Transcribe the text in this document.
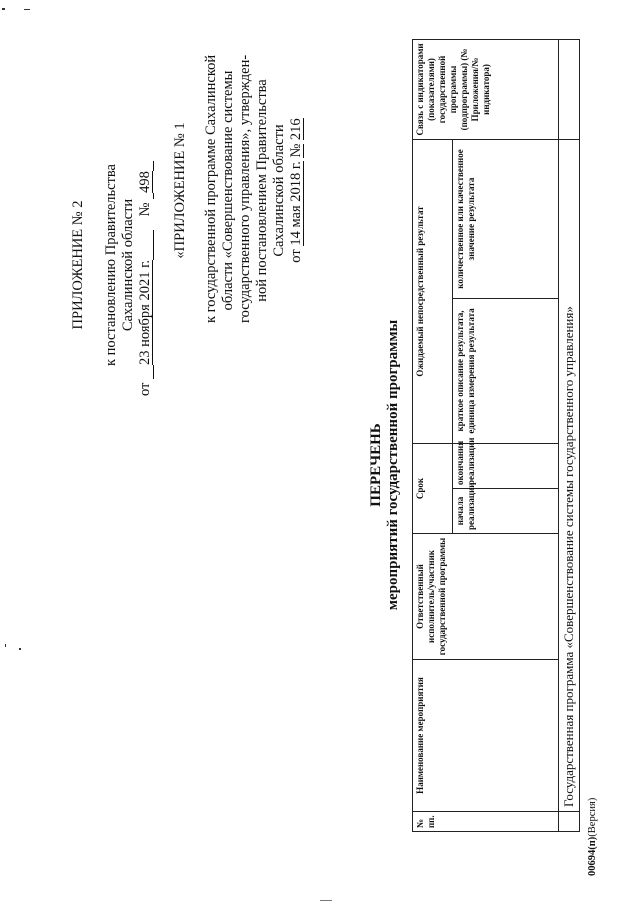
ПРИЛОЖЕНИЕ № 2 к постановлению Правительства Сахалинской области
от 23 ноября 2021 г. № 498 «ПРИЛОЖЕНИЕ № 1 к государственной программе Сахалинской области «Совершенствование системы государственного управления», утвержден- ной постановлением Правительства Сахалинской области от 14 мая 2018 г. № 216
ПЕРЕЧЕНЬ мероприятий государственной программы
№ пп.	Наименование мероприятия	Ответственный исполнитель/участник государственной программы	Срок		Ожидаемый непосредственный результат		Связь с индикаторами (показателями) государственной программы (подпрограммы) (№ Приложения/№ индикатора)
			начала реализации	окончания реализации	краткое описание результата, единица измерения результата	количественное или качественное значение результата	
	Государственная программа «Совершенствование системы государственного управления»						
00694(п)(Версия)
